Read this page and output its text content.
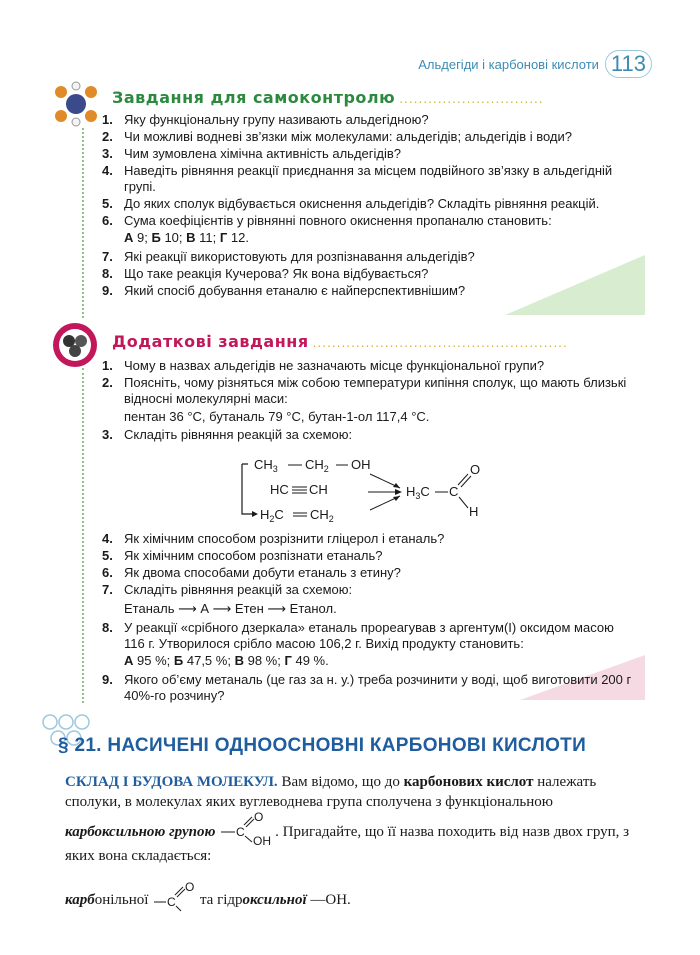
Альдегіди і карбонові кислоти 113
Завдання для самоконтролю ..............................
1. Яку функціональну групу називають альдегідною?
2. Чи можливі водневі зв’язки між молекулами: альдегідів; альдегідів і води?
3. Чим зумовлена хімічна активність альдегідів?
4. Наведіть рівняння реакції приєднання за місцем подвійного зв’язку в альдегідній групі.
5. До яких сполук відбувається окиснення альдегідів? Складіть рівняння реакцій.
6. Сума коефіцієнтів у рівнянні повного окиснення пропаналю становить:
А 9; Б 10; В 11; Г 12.
7. Які реакції використовують для розпізнавання альдегідів?
8. Що таке реакція Кучерова? Як вона відбувається?
9. Який спосіб добування етаналю є найперспективнішим?
Додаткові завдання .....................................................
1. Чому в назвах альдегідів не зазначають місце функціональної групи?
2. Поясніть, чому різняться між собою температури кипіння сполук, що мають близькі відносні молекулярні маси:
пентан 36 °С, бутаналь 79 °С, бутан-1-ол 117,4 °С.
3. Складіть рівняння реакцій за схемою:
$CH_3$ $CH_2$ OH
HC CH
$H_2C$ $CH_2$
$H_3C$ C
O
H
4. Як хімічним способом розрізнити гліцерол і етаналь?
5. Як хімічним способом розпізнати етаналь?
6. Як двома способами добути етаналь з етину?
7. Складіть рівняння реакцій за схемою:
Етаналь ⟶ А ⟶ Етен ⟶ Етанол.
8. У реакції «срібного дзеркала» етаналь прореагував з аргентум(І) оксидом масою 116 г. Утворилося срібло масою 106,2 г. Вихід продукту становить:
А 95 %; Б 47,5 %; В 98 %; Г 49 %.
9. Якого об’єму метаналь (це газ за н. у.) треба розчинити у воді, щоб виготовити 200 г 40%-го розчину?
§ 21. НАСИЧЕНІ ОДНООСНОВНІ КАРБОНОВІ КИСЛОТИ
СКЛАД І БУДОВА МОЛЕКУЛ. Вам відомо, що до карбонових кислот належать сполуки, в молекулах яких вуглеводнева група сполучена з функціональною карбоксильною групою C
O
OH
. Пригадайте, що її назва походить від назв двох груп, з яких вона складається:
карбонільної C
O
та гідроксильної —OH.
